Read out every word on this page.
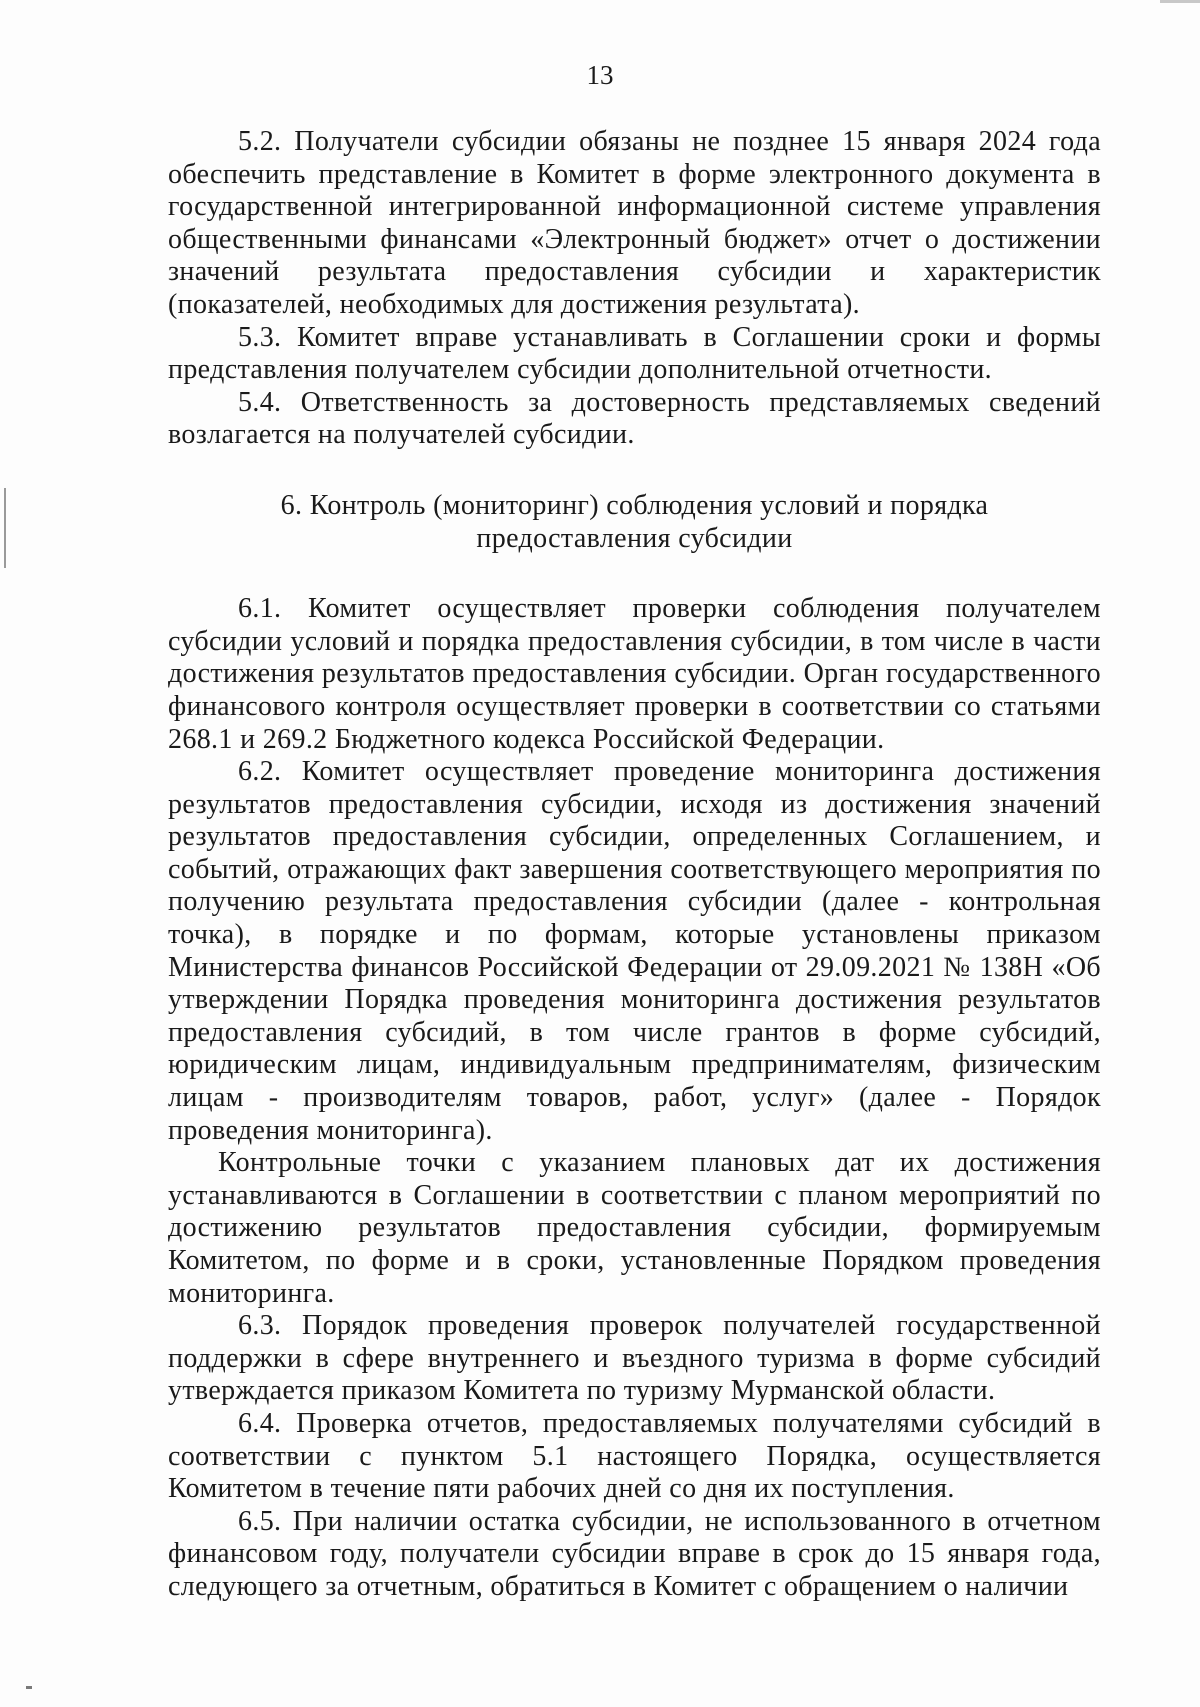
13

5.2. Получатели субсидии обязаны не позднее 15 января 2024 года обеспечить представление в Комитет в форме электронного документа в государственной интегрированной информационной системе управления общественными финансами «Электронный бюджет» отчет о достижении значений результата предоставления субсидии и характеристик (показателей, необходимых для достижения результата).

5.3. Комитет вправе устанавливать в Соглашении сроки и формы представления получателем субсидии дополнительной отчетности.

5.4. Ответственность за достоверность представляемых сведений возлагается на получателей субсидии.

6. Контроль (мониторинг) соблюдения условий и порядка
предоставления субсидии

6.1. Комитет осуществляет проверки соблюдения получателем субсидии условий и порядка предоставления субсидии, в том числе в части достижения результатов предоставления субсидии. Орган государственного финансового контроля осуществляет проверки в соответствии со статьями 268.1 и 269.2 Бюджетного кодекса Российской Федерации.

6.2. Комитет осуществляет проведение мониторинга достижения результатов предоставления субсидии, исходя из достижения значений результатов предоставления субсидии, определенных Соглашением, и событий, отражающих факт завершения соответствующего мероприятия по получению результата предоставления субсидии (далее - контрольная точка), в порядке и по формам, которые установлены приказом Министерства финансов Российской Федерации от 29.09.2021 № 138Н «Об утверждении Порядка проведения мониторинга достижения результатов предоставления субсидий, в том числе грантов в форме субсидий, юридическим лицам, индивидуальным предпринимателям, физическим лицам - производителям товаров, работ, услуг» (далее - Порядок проведения мониторинга).

Контрольные точки с указанием плановых дат их достижения устанавливаются в Соглашении в соответствии с планом мероприятий по достижению результатов предоставления субсидии, формируемым Комитетом, по форме и в сроки, установленные Порядком проведения мониторинга.

6.3. Порядок проведения проверок получателей государственной поддержки в сфере внутреннего и въездного туризма в форме субсидий утверждается приказом Комитета по туризму Мурманской области.

6.4. Проверка отчетов, предоставляемых получателями субсидий в соответствии с пунктом 5.1 настоящего Порядка, осуществляется Комитетом в течение пяти рабочих дней со дня их поступления.

6.5. При наличии остатка субсидии, не использованного в отчетном финансовом году, получатели субсидии вправе в срок до 15 января года, следующего за отчетным, обратиться в Комитет с обращением о наличии
